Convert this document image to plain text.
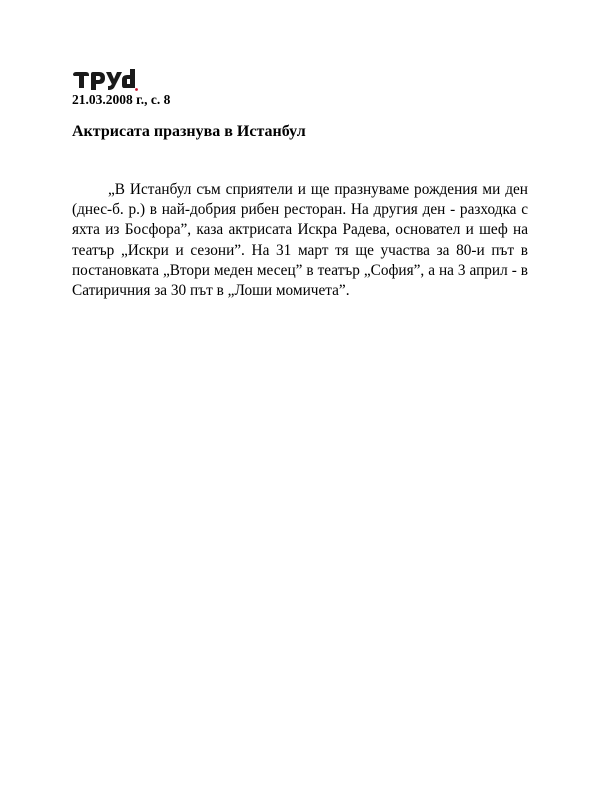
21.03.2008 г., с. 8
Актрисата празнува в Истанбул

„В Истанбул съм сприятели и ще празнуваме рождения ми ден (днес-б. р.) в най-добрия рибен ресторан. На другия ден - разходка с яхта из Босфора”, каза актрисата Искра Радева, основател и шеф на театър „Искри и сезони”. На 31 март тя ще участва за 80-и път в постановката „Втори меден месец” в театър „София”, а на 3 април - в Сатиричния за 30 път в „Лоши момичета”.
